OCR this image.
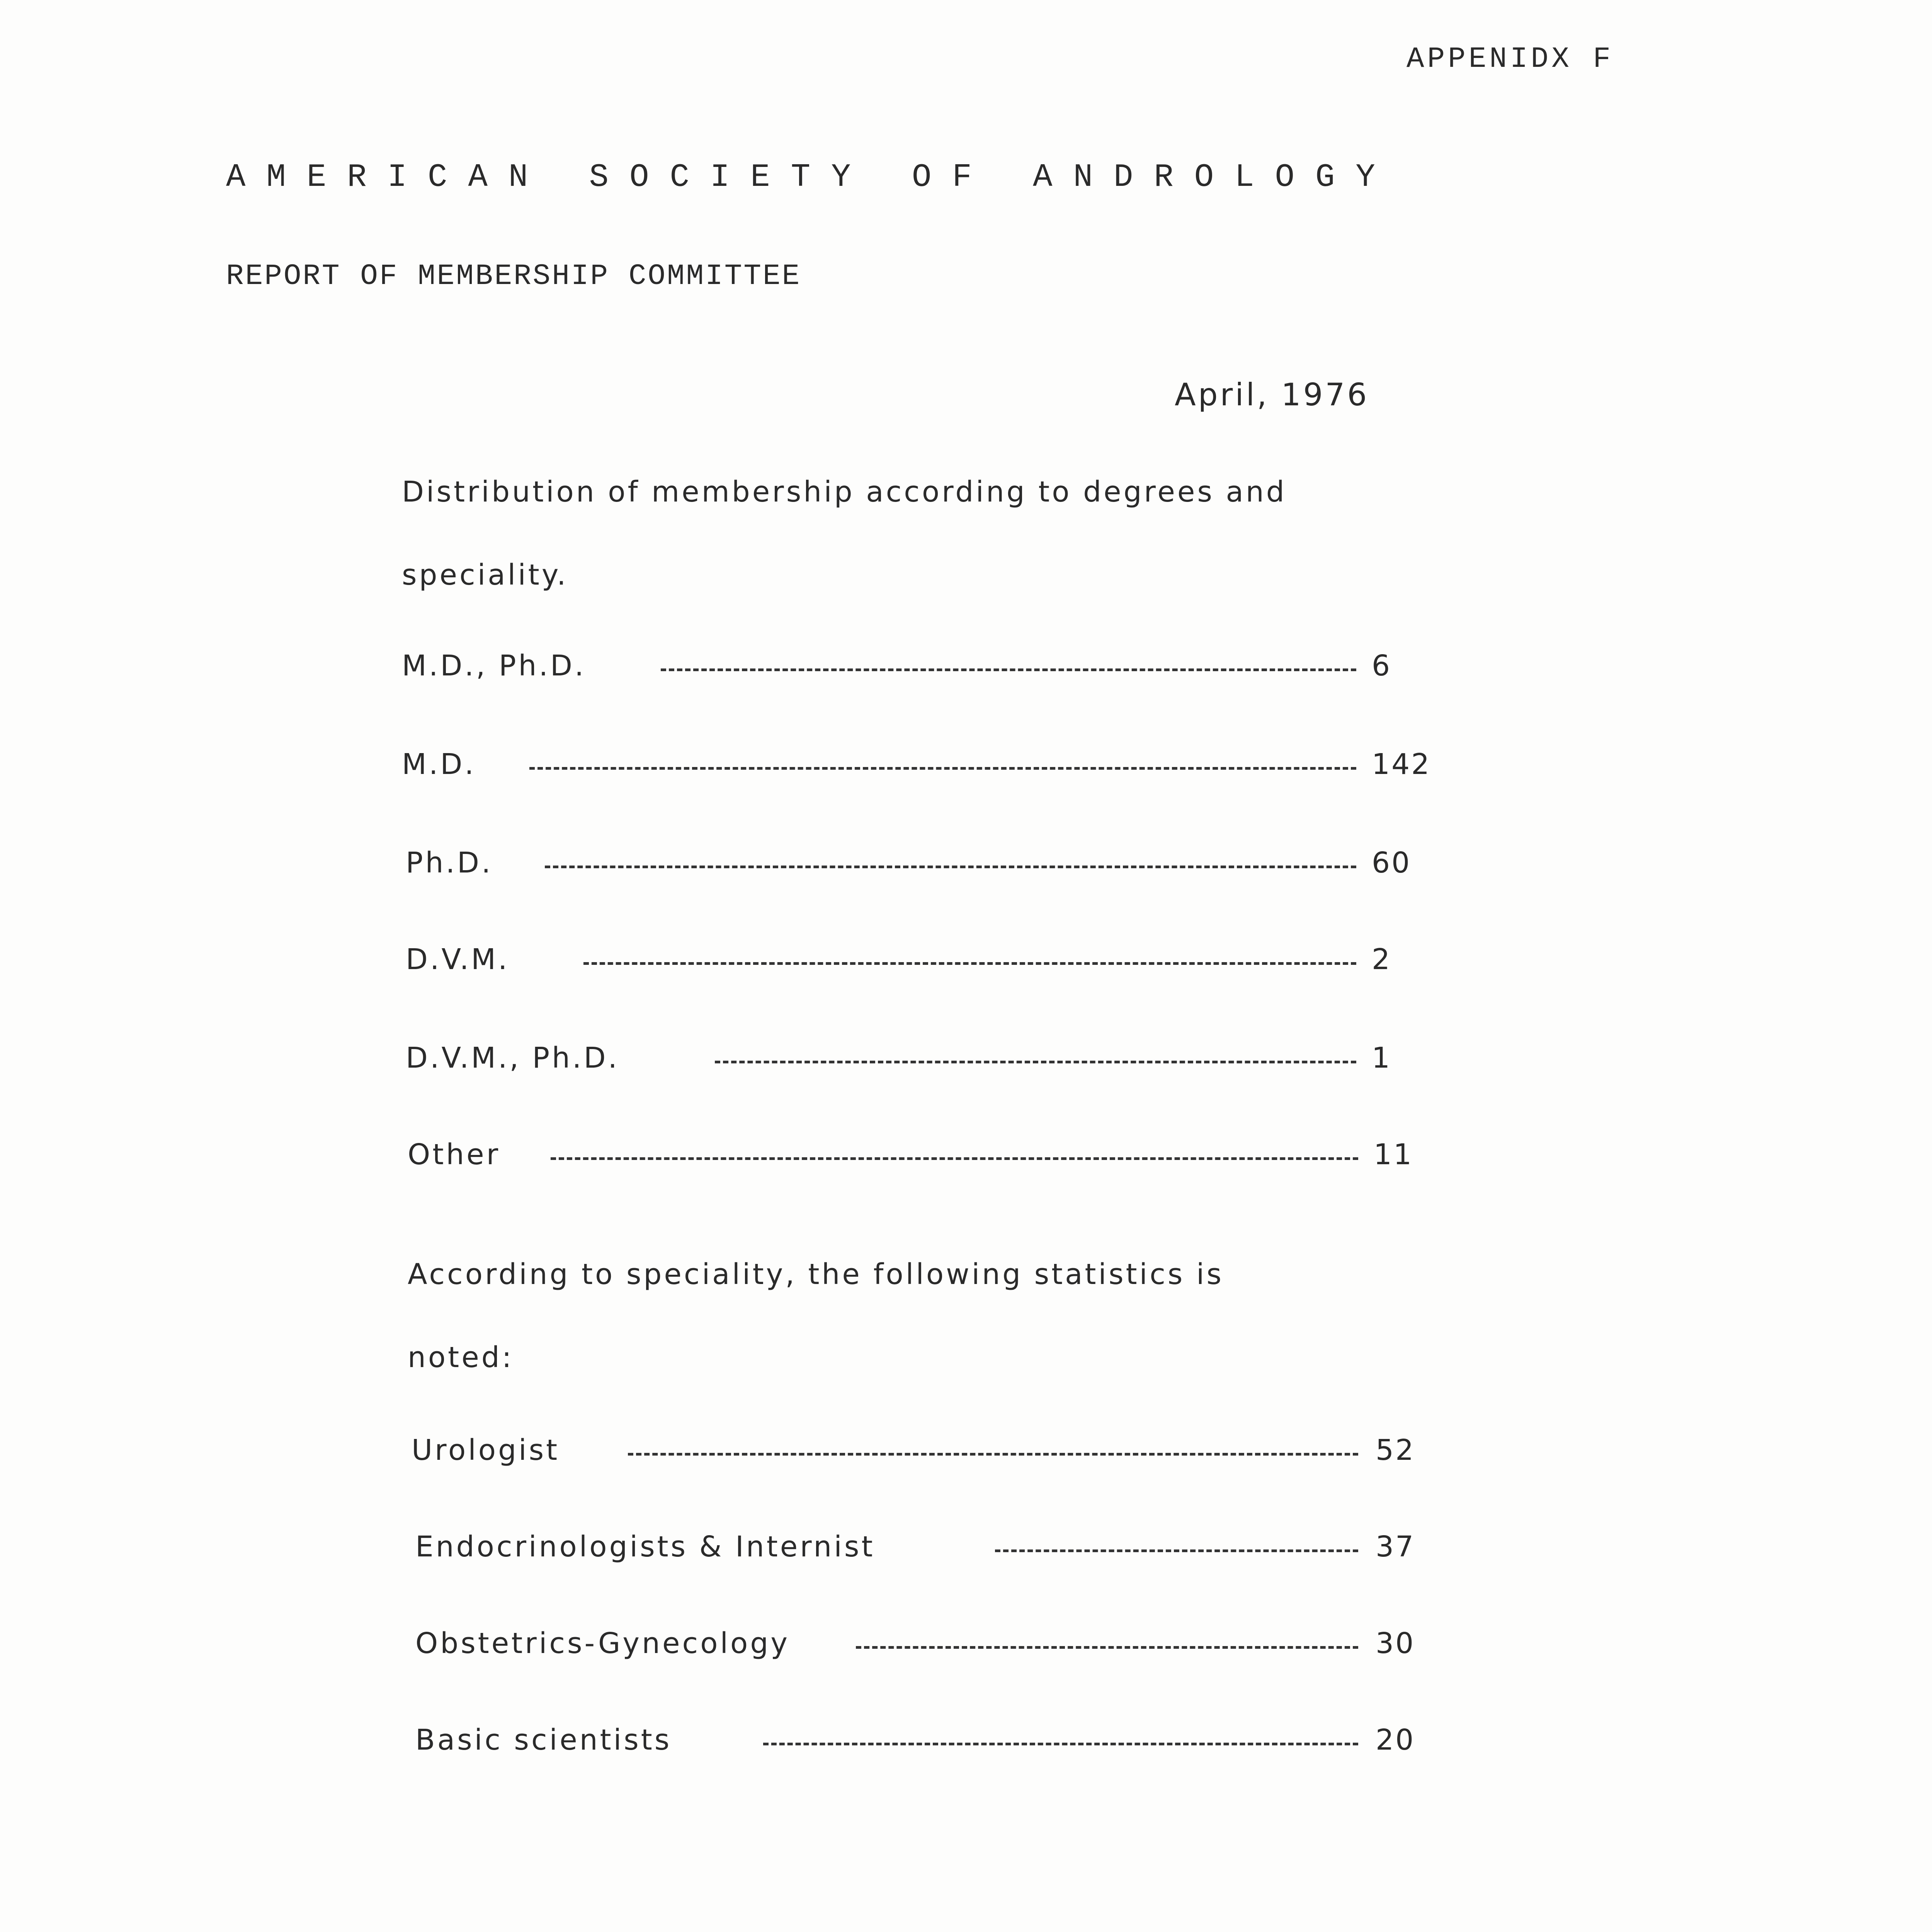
APPENIDX F
AMERICAN SOCIETY OF ANDROLOGY
REPORT OF MEMBERSHIP COMMITTEE
April, 1976
Distribution of membership according to degrees and
speciality.
M.D., Ph.D.	6
M.D.	142
Ph.D.	60
D.V.M.	2
D.V.M., Ph.D.	1
Other	11
According to speciality, the following statistics is
noted:
Urologist	52
Endocrinologists & Internist	37
Obstetrics-Gynecology	30
Basic scientists	20
